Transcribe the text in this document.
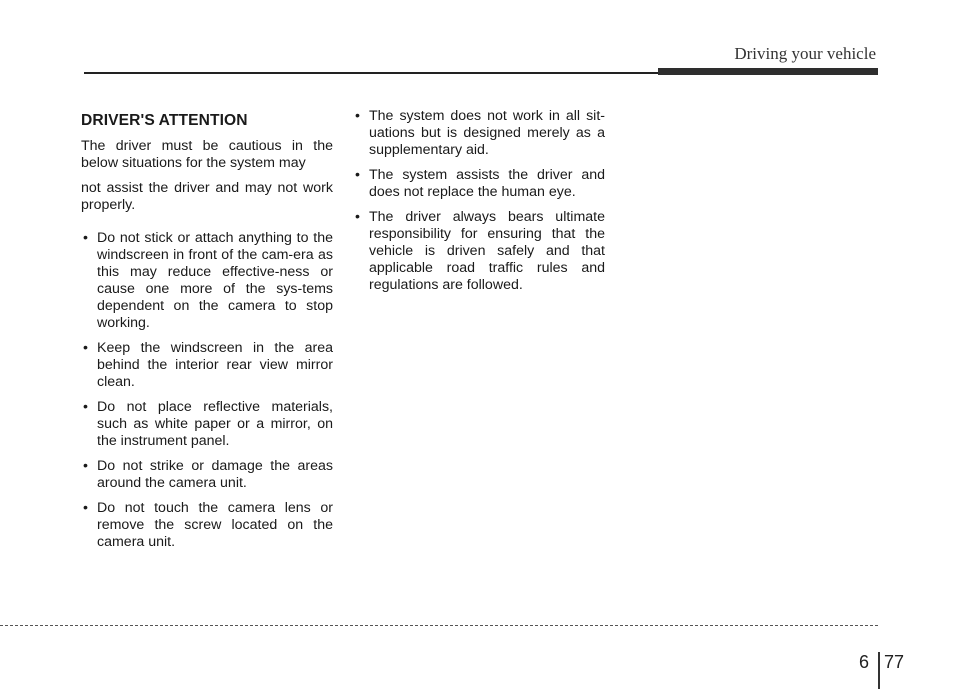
Driving your vehicle
DRIVER'S ATTENTION

The driver must be cautious in the below situations for the system may

not assist the driver and may not work properly.

• Do not stick or attach anything to the windscreen in front of the cam-era as this may reduce effective-ness or cause one more of the sys-tems dependent on the camera to stop working.
• Keep the windscreen in the area behind the interior rear view mirror clean.
• Do not place reflective materials, such as white paper or a mirror, on the instrument panel.
• Do not strike or damage the areas around the camera unit.
• Do not touch the camera lens or remove the screw located on the camera unit.
• The system does not work in all sit-uations but is designed merely as a supplementary aid.
• The system assists the driver and does not replace the human eye.
• The driver always bears ultimate responsibility for ensuring that the vehicle is driven safely and that applicable road traffic rules and regulations are followed.
6 77
